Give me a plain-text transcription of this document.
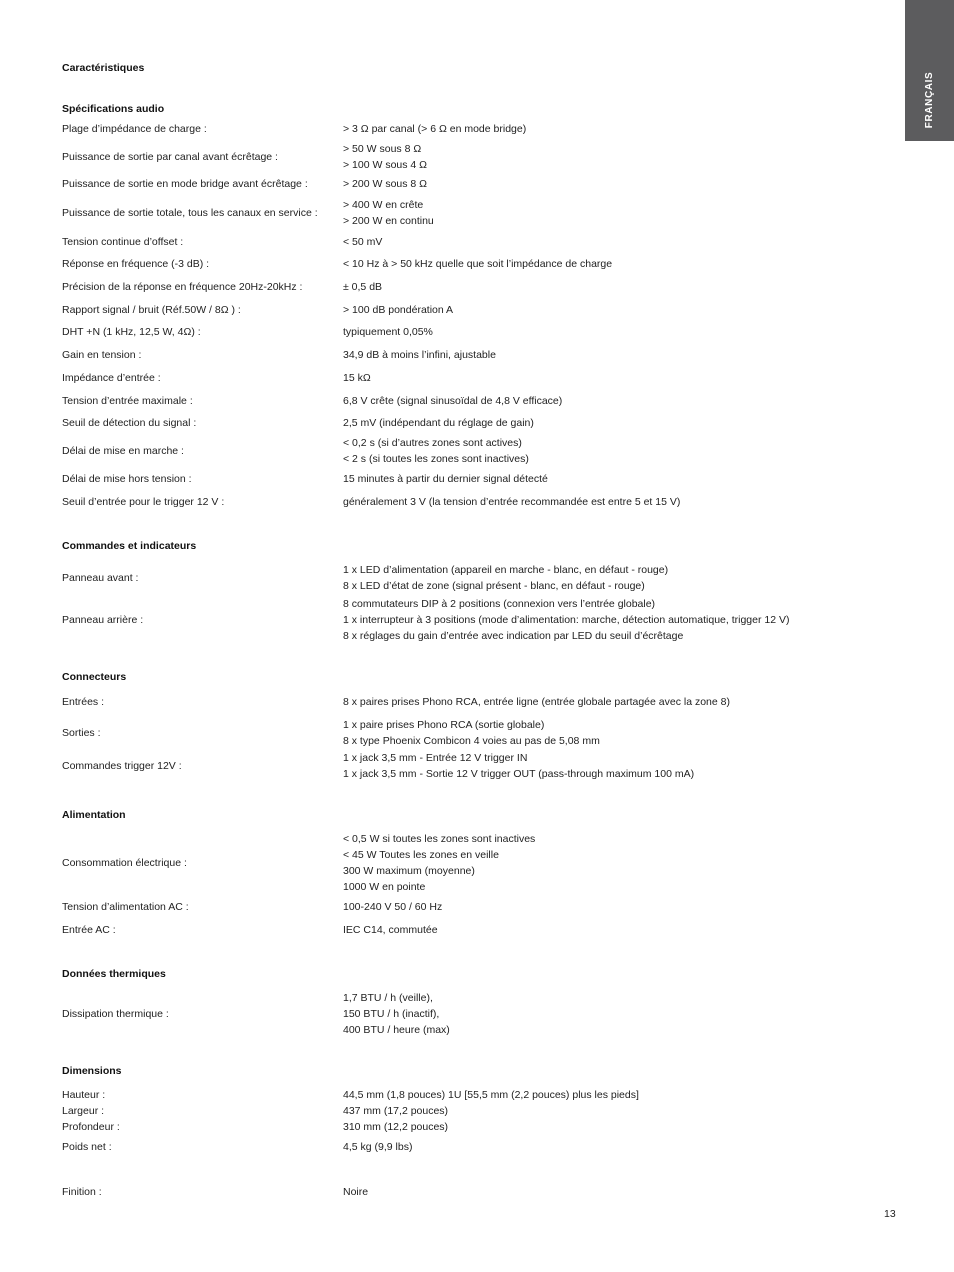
FRANÇAIS
Caractéristiques
Spécifications audio
Plage d’impédance de charge :	> 3 Ω par canal (> 6 Ω en mode bridge)
Puissance de sortie par canal avant écrêtage :
> 50 W sous 8 Ω
> 100 W sous 4 Ω
Puissance de sortie en mode bridge avant écrêtage :	> 200 W sous 8 Ω
Puissance de sortie totale, tous les canaux en service :
> 400 W en crête
> 200 W en continu
Tension continue d’offset :	< 50 mV
Réponse en fréquence (-3 dB) :	< 10 Hz à > 50 kHz quelle que soit l’impédance de charge
Précision de la réponse en fréquence 20Hz-20kHz :	± 0,5 dB
Rapport signal / bruit (Réf.50W / 8Ω ) :	> 100 dB pondération A
DHT +N (1 kHz, 12,5 W, 4Ω) :	typiquement 0,05%
Gain en tension :	34,9 dB à moins l’infini, ajustable
Impédance d’entrée :	15 kΩ
Tension d’entrée maximale :	6,8 V crête (signal sinusoïdal de 4,8 V efficace)
Seuil de détection du signal :	2,5 mV (indépendant du réglage de gain)
Délai de mise en marche :
< 0,2 s (si d’autres zones sont actives)
< 2 s (si toutes les zones sont inactives)
Délai de mise hors tension :	15 minutes à partir du dernier signal détecté
Seuil d’entrée pour le trigger 12 V :	généralement 3 V (la tension d’entrée recommandée est entre 5 et 15 V)
Commandes et indicateurs
Panneau avant :
1 x LED d’alimentation (appareil en marche - blanc, en défaut - rouge)
8 x LED d’état de zone (signal présent - blanc, en défaut - rouge)
Panneau arrière :
8 commutateurs DIP à 2 positions (connexion vers l’entrée globale)
1 x interrupteur à 3 positions (mode d’alimentation: marche, détection automatique, trigger 12 V)
8 x réglages du gain d’entrée avec indication par LED du seuil d’écrêtage
Connecteurs
Entrées :	8 x paires prises Phono RCA, entrée ligne (entrée globale partagée avec la zone 8)
Sorties :
1 x paire prises Phono RCA (sortie globale)
8 x type Phoenix Combicon 4 voies au pas de 5,08 mm
Commandes trigger 12V :
1 x jack 3,5 mm - Entrée 12 V trigger IN
1 x jack 3,5 mm - Sortie 12 V trigger OUT (pass-through maximum 100 mA)
Alimentation
Consommation électrique :
< 0,5 W si toutes les zones sont inactives
< 45 W Toutes les zones en veille
300 W maximum (moyenne)
1000 W en pointe
Tension d’alimentation AC :	100-240 V 50 / 60 Hz
Entrée AC :	IEC C14, commutée
Données thermiques
Dissipation thermique :
1,7 BTU / h (veille),
150 BTU / h (inactif),
400 BTU / heure (max)
Dimensions
Hauteur :	44,5 mm (1,8 pouces) 1U [55,5 mm (2,2 pouces) plus les pieds]
Largeur :	437 mm (17,2 pouces)
Profondeur :	310 mm (12,2 pouces)
Poids net :	4,5 kg (9,9 lbs)
Finition :	Noire
13
